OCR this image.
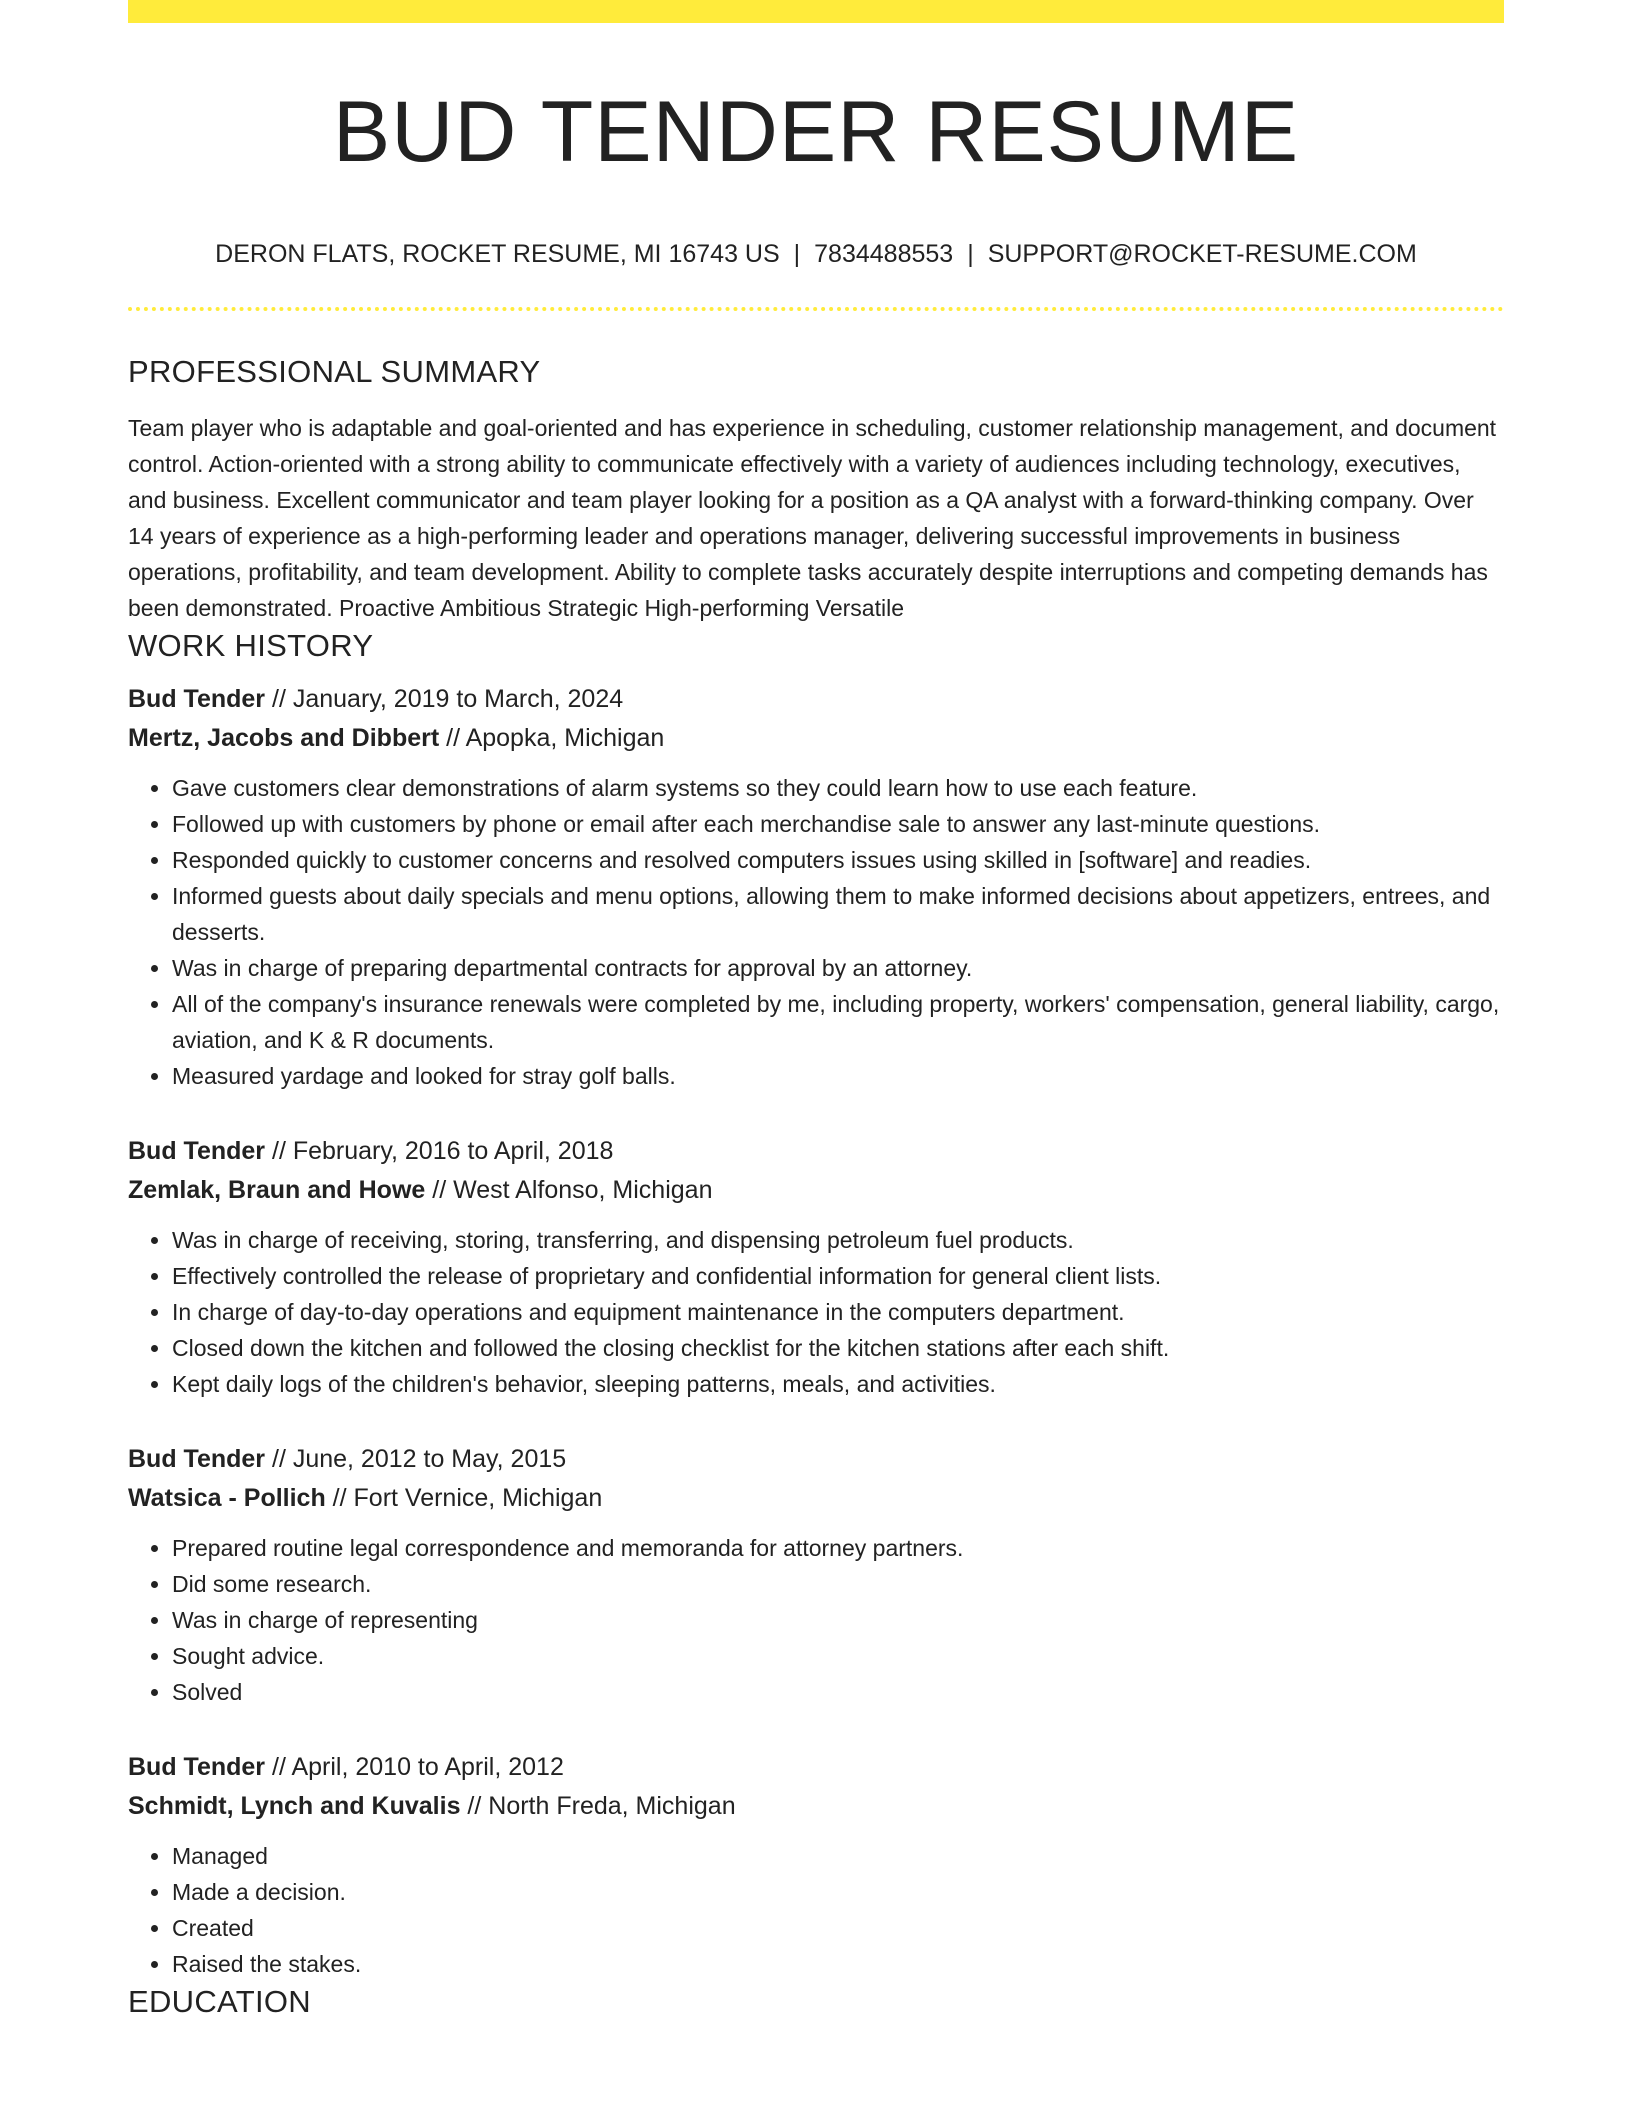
BUD TENDER RESUME
DERON FLATS, ROCKET RESUME, MI 16743 US | 7834488553 | SUPPORT@ROCKET-RESUME.COM
PROFESSIONAL SUMMARY

Team player who is adaptable and goal-oriented and has experience in scheduling, customer relationship management, and document control. Action-oriented with a strong ability to communicate effectively with a variety of audiences including technology, executives, and business. Excellent communicator and team player looking for a position as a QA analyst with a forward-thinking company. Over 14 years of experience as a high-performing leader and operations manager, delivering successful improvements in business operations, profitability, and team development. Ability to complete tasks accurately despite interruptions and competing demands has been demonstrated. Proactive Ambitious Strategic High-performing Versatile

WORK HISTORY
Bud Tender // January, 2019 to March, 2024
Mertz, Jacobs and Dibbert // Apopka, Michigan
• Gave customers clear demonstrations of alarm systems so they could learn how to use each feature.
• Followed up with customers by phone or email after each merchandise sale to answer any last-minute questions.
• Responded quickly to customer concerns and resolved computers issues using skilled in [software] and readies.
• Informed guests about daily specials and menu options, allowing them to make informed decisions about appetizers, entrees, and desserts.
• Was in charge of preparing departmental contracts for approval by an attorney.
• All of the company's insurance renewals were completed by me, including property, workers' compensation, general liability, cargo, aviation, and K & R documents.
• Measured yardage and looked for stray golf balls.
Bud Tender // February, 2016 to April, 2018
Zemlak, Braun and Howe // West Alfonso, Michigan
• Was in charge of receiving, storing, transferring, and dispensing petroleum fuel products.
• Effectively controlled the release of proprietary and confidential information for general client lists.
• In charge of day-to-day operations and equipment maintenance in the computers department.
• Closed down the kitchen and followed the closing checklist for the kitchen stations after each shift.
• Kept daily logs of the children's behavior, sleeping patterns, meals, and activities.
Bud Tender // June, 2012 to May, 2015
Watsica - Pollich // Fort Vernice, Michigan
• Prepared routine legal correspondence and memoranda for attorney partners.
• Did some research.
• Was in charge of representing
• Sought advice.
• Solved
Bud Tender // April, 2010 to April, 2012
Schmidt, Lynch and Kuvalis // North Freda, Michigan
• Managed
• Made a decision.
• Created
• Raised the stakes.
EDUCATION
